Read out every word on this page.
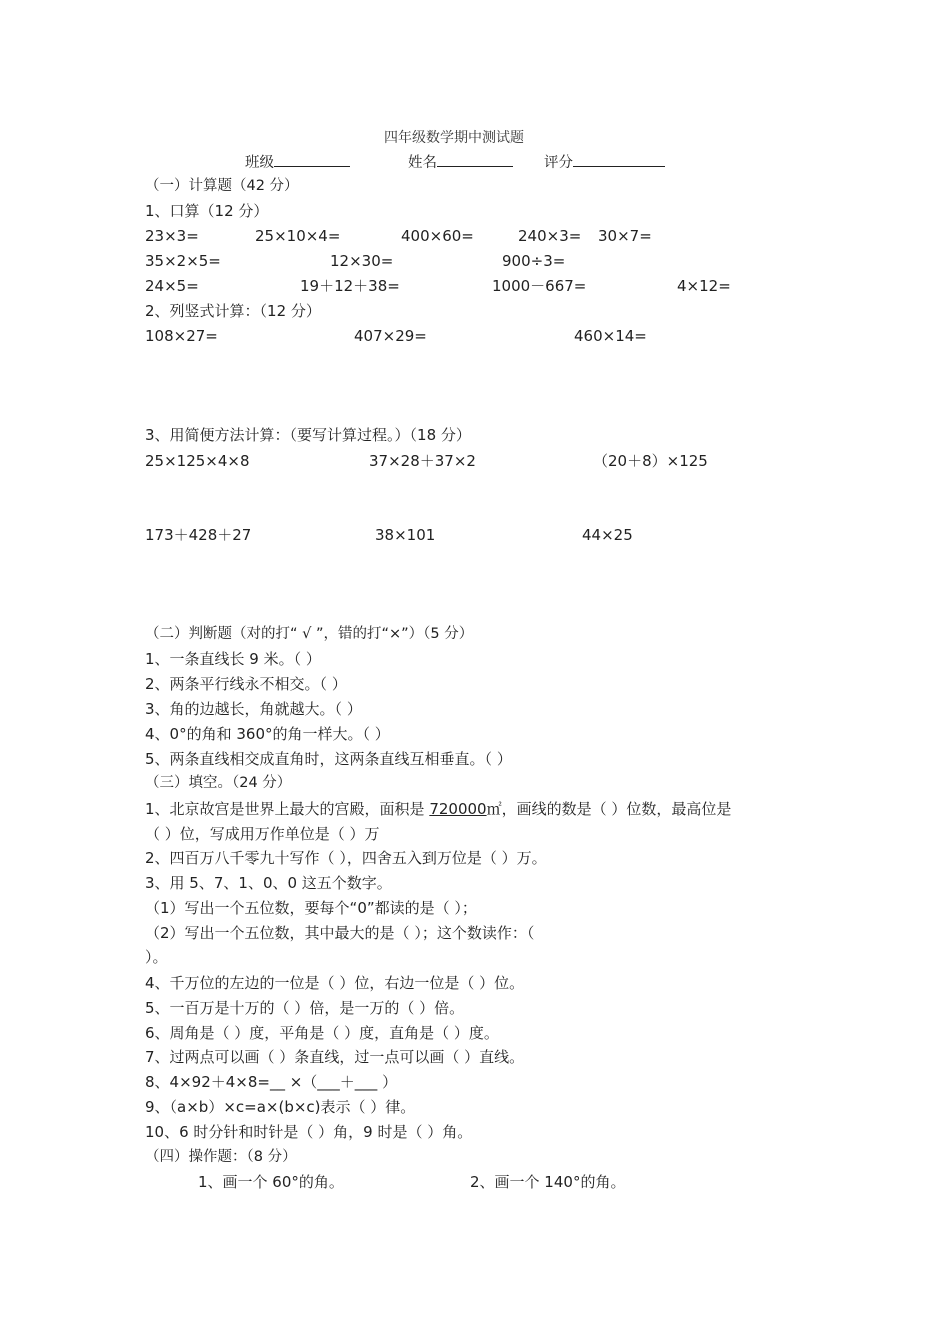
四年级数学期中测试题
班级	姓名	评分
（一）计算题（42 分）
1、口算（12 分）
23×3=	25×10×4=	400×60=	240×3= 30×7=
35×2×5=	12×30=	900÷3=
24×5=	19＋12＋38=	1000－667=	4×12=
2、列竖式计算：（12 分）
108×27=	407×29=	460×14=
3、用简便方法计算：（要写计算过程。）（18 分）
25×125×4×8	37×28＋37×2	（20＋8）×125
173＋428＋27	38×101	44×25
（二）判断题（对的打“ √ ”，错的打“×”）（5 分）
1、一条直线长 9 米。（ ）
2、两条平行线永不相交。（ ）
3、角的边越长，角就越大。（ ）
4、0°的角和 360°的角一样大。（ ）
5、两条直线相交成直角时，这两条直线互相垂直。（ ）
（三）填空。（24 分）
1、北京故宫是世界上最大的宫殿，面积是 720000㎡，画线的数是（ ）位数，最高位是
（ ）位，写成用万作单位是（ ）万
2、四百万八千零九十写作（ ），四舍五入到万位是（ ）万。
3、用 5、7、1、0、0 这五个数字。
（1）写出一个五位数，要每个“0”都读的是（ ）；
（2）写出一个五位数，其中最大的是（ ）；这个数读作：（
）。
4、千万位的左边的一位是（ ）位，右边一位是（ ）位。
5、一百万是十万的（ ）倍，是一万的（ ）倍。
6、周角是（ ）度，平角是（ ）度，直角是（ ）度。
7、过两点可以画（ ）条直线，过一点可以画（ ）直线。
8、4×92＋4×8=__ ×（___＋___ ）
9、（a×b）×c=a×(b×c)表示（ ）律。
10、6 时分针和时针是（ ）角，9 时是（ ）角。
（四）操作题：（8 分）
1、画一个 60°的角。	2、画一个 140°的角。
